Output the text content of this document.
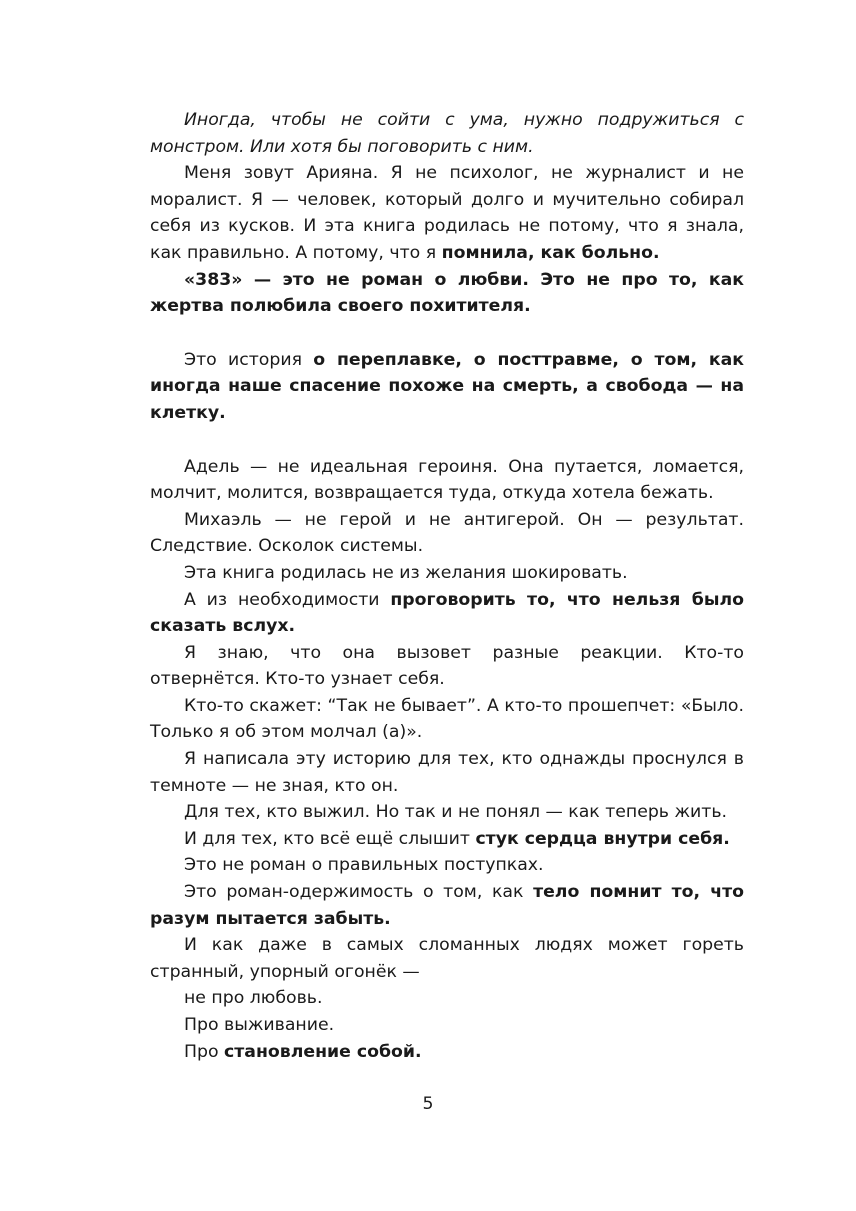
Иногда, чтобы не сойти с ума, нужно подружиться с монстром. Или хотя бы поговорить с ним.

Меня зовут Арияна. Я не психолог, не журналист и не моралист. Я — человек, который долго и мучительно собирал себя из кусков. И эта книга родилась не потому, что я знала, как правильно. А потому, что я помнила, как больно.

«383» — это не роман о любви. Это не про то, как жертва полюбила своего похитителя.

Это история о переплавке, о посттравме, о том, как иногда наше спасение похоже на смерть, а свобода — на клетку.

Адель — не идеальная героиня. Она путается, ломается, молчит, молится, возвращается туда, откуда хотела бежать.

Михаэль — не герой и не антигерой. Он — результат. Следствие. Осколок системы.

Эта книга родилась не из желания шокировать.

А из необходимости проговорить то, что нельзя было сказать вслух.

Я знаю, что она вызовет разные реакции. Кто-то отвернётся. Кто-то узнает себя.

Кто-то скажет: “Так не бывает”. А кто-то прошепчет: «Было. Только я об этом молчал (а)».

Я написала эту историю для тех, кто однажды проснулся в темноте — не зная, кто он.

Для тех, кто выжил. Но так и не понял — как теперь жить.

И для тех, кто всё ещё слышит стук сердца внутри себя.

Это не роман о правильных поступках.

Это роман-одержимость о том, как тело помнит то, что разум пытается забыть.

И как даже в самых сломанных людях может гореть странный, упорный огонёк —

не про любовь.

Про выживание.

Про становление собой.

5
